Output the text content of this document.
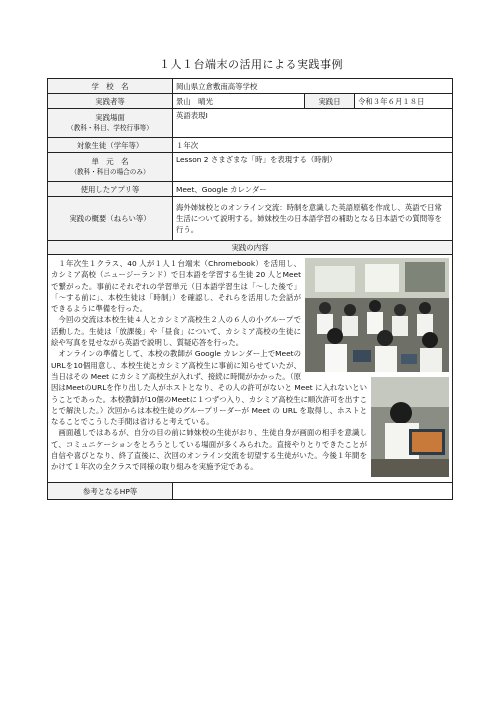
１人１台端末の活用による実践事例
学　校　名	岡山県立倉敷南高等学校		
実践者等	景山　晴光	実践日	令和３年６月１８日
実践場面
（教科・科目、学校行事等）	英語表現Ⅰ		
対象生徒（学年等）	１年次		
単　元　名
（教科・科目の場合のみ）	Lesson 2 さまざまな「時」を表現する（時制）		
使用したアプリ等	Meet、Google カレンダー		
実践の概要（ねらい等）	海外姉妹校とのオンライン交流：時制を意識した英語原稿を作成し、英語で日常生活について説明する。姉妹校生の日本語学習の補助となる日本語での質問等を行う。		
実践の内容			

１年次生１クラス、40 人が１人１台端末（Chromebook）を活用し、カシミア高校（ニュージーランド）で日本語を学習する生徒 20 人とMeetで繋がった。事前にそれぞれの学習単元（日本語学習生は「～した後で」「～する前に」、本校生徒は「時制」）を確認し、それらを活用した会話ができるように準備を行った。

今回の交流は本校生徒４人とカシミア高校生２人の６人の小グループで活動した。生徒は「放課後」や「昼食」について、カシミア高校の生徒に絵や写真を見せながら英語で説明し、質疑応答を行った。

オンラインの準備として、本校の教師が Google カレンダー上でMeetのURLを10個用意し、本校生徒とカシミア高校生に事前に知らせていたが、当日はその Meet にカシミア高校生が入れず、接続に時間がかかった。（原因はMeetのURLを作り出した人がホストとなり、その人の許可がないと Meet に入れないということであった。本校教師が10個のMeetに１つずつ入り、カシミア高校生に順次許可を出すことで解決した。）次回からは本校生徒のグループリーダーが Meet の URL を取得し、ホストとなることでこうした手間は省けると考えている。

画面越しではあるが、自分の目の前に姉妹校の生徒がおり、生徒自身が画面の相手を意識して、コミュニケーションをとろうとしている場面が多くみられた。直接やりとりできたことが自信や喜びとなり、終了直後に、次回のオンライン交流を切望する生徒がいた。今後１年間をかけて１年次の全クラスで同様の取り組みを実施予定である。			

参考となるHP等			
